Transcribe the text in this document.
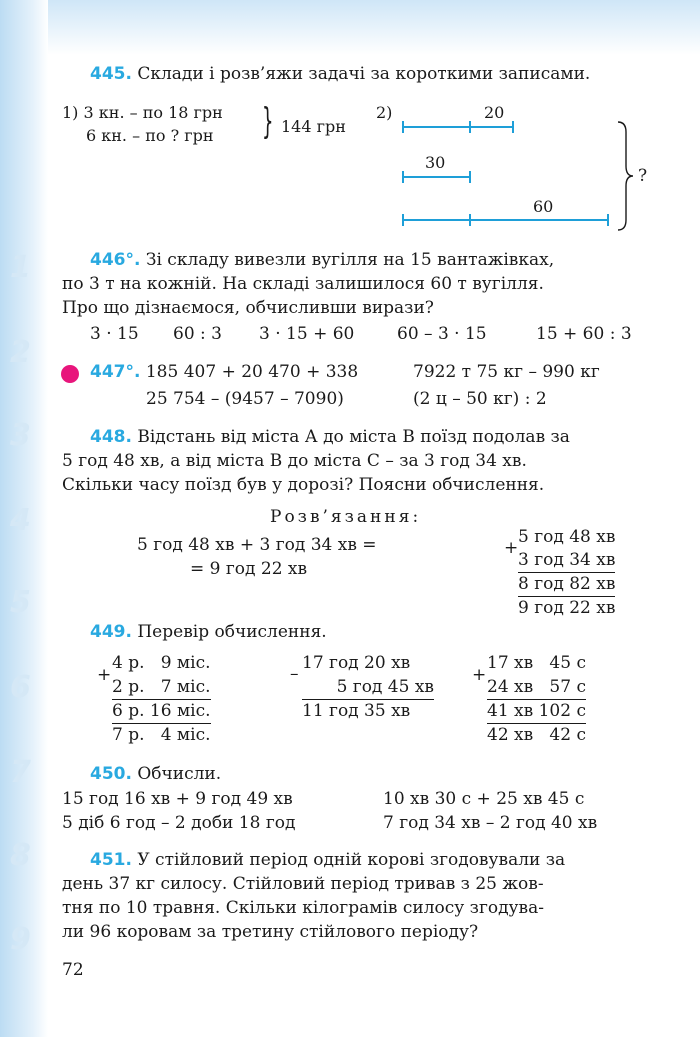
1
2
3
4
5
6
7
8
9
445. Склади і розв’яжи задачі за короткими записами.
1) 3 кн. – по 18 грн
6 кн. – по ? грн } 144 грн
2)	20
30
60
?
446°. Зі складу вивезли вугілля на 15 вантажівках,
по 3 т на кожній. На складі залишилося 60 т вугілля.
Про що дізнаємося, обчисливши вирази?
3 · 15 60 : 3 3 · 15 + 60	60 – 3 · 15	15 + 60 : 3
447°. 185 407 + 20 470 + 338	7922 т 75 кг – 990 кг
25 754 – (9457 – 7090)	(2 ц – 50 кг) : 2
448. Відстань від міста А до міста В поїзд подолав за
5 год 48 хв, а від міста В до міста С – за 3 год 34 хв.
Скільки часу поїзд був у дорозі? Поясни обчислення.
Розв’язання:
5 год 48 хв + 3 год 34 хв =
= 9 год 22 хв
+
5 год 48 хв
3 год 34 хв
8 год 82 хв
9 год 22 хв
449. Перевір обчислення.
+
4 р.   9 міс.
2 р.   7 міс.
6 р. 16 міс.
7 р.   4 міс.
–
17 год 20 хв
5 год 45 хв
11 год 35 хв
+
17 хв   45 с
24 хв   57 с
41 хв 102 с
42 хв   42 с
450. Обчисли.
15 год 16 хв + 9 год 49 хв	10 хв 30 с + 25 хв 45 с
5 діб 6 год – 2 доби 18 год	7 год 34 хв – 2 год 40 хв
451. У стійловий період одній корові згодовували за
день 37 кг силосу. Стійловий період тривав з 25 жов-
тня по 10 травня. Скільки кілограмів силосу згодува-
ли 96 коровам за третину стійлового періоду?
72
